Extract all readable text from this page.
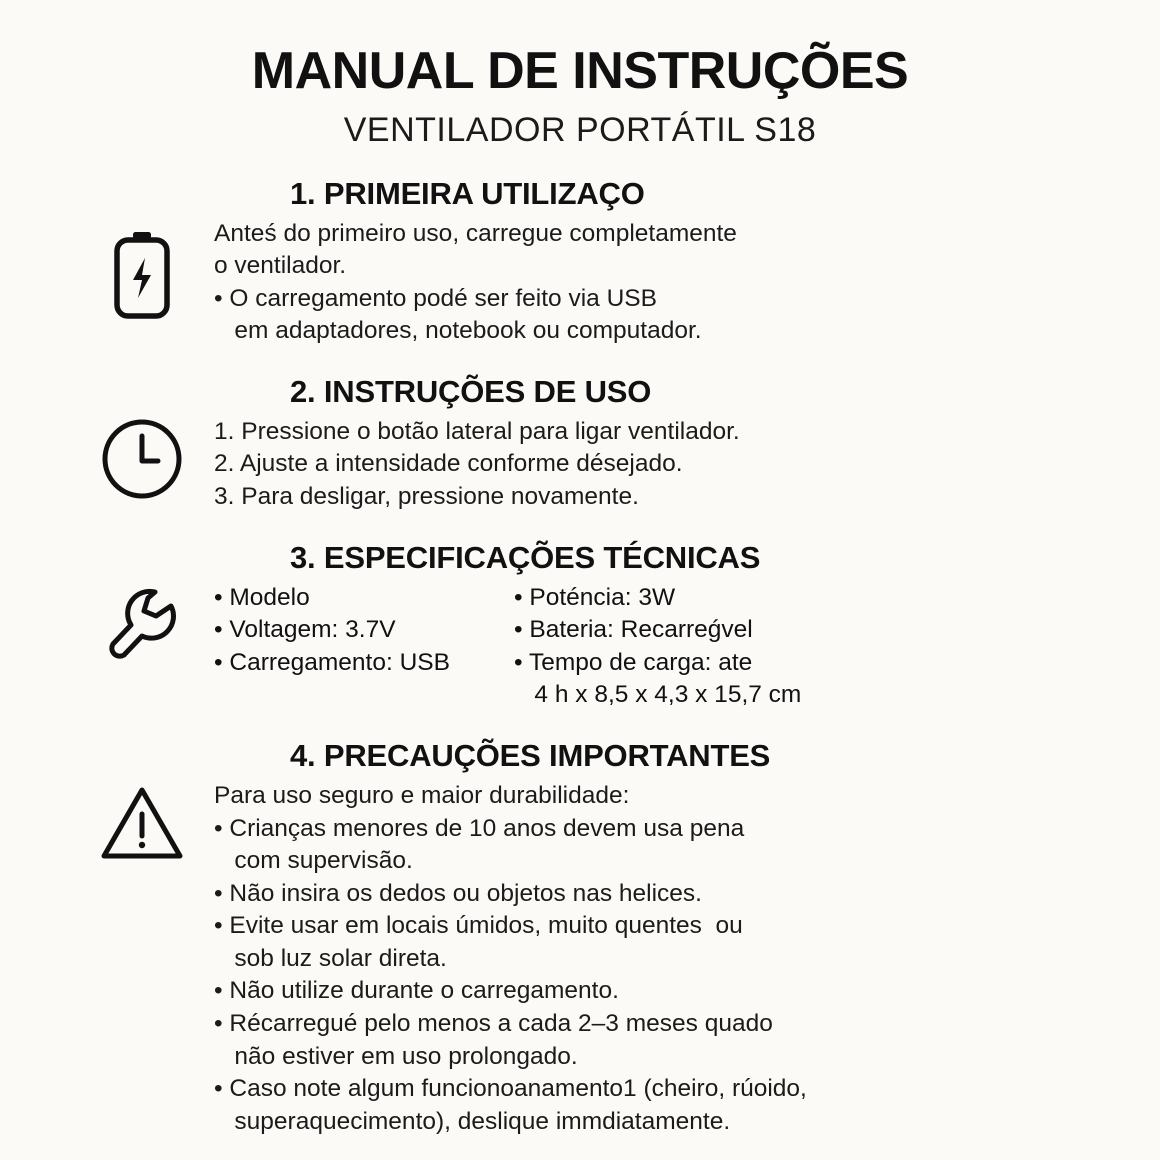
MANUAL DE INSTRUÇÕES
VENTILADOR PORTÁTIL S18
1. PRIMEIRA UTILIZAÇO
Anteś do primeiro uso, carregue completamente
o ventilador.
• O carregamento podé ser feito via USB
em adaptadores, notebook ou computador.
2. INSTRUÇÕES DE USO
1. Pressione o botão lateral para ligar ventilador.
2. Ajuste a intensidade conforme désejado.
3. Para desligar, pressione novamente.
3. ESPECIFICAÇÕES TÉCNICAS
• Modelo
• Voltagem: 3.7V
• Carregamento: USB
• Poténcia: 3W
• Bateria: Recarreǵvel
• Tempo de carga: ate
4 h x 8,5 x 4,3 x 15,7 cm
4. PRECAUÇÕES IMPORTANTES
Para uso seguro e maior durabilidade:
• Crianças menores de 10 anos devem usa pena
com supervisão.
• Não insira os dedos ou objetos nas helices.
• Evite usar em locais úmidos, muito quentes  ou
sob luz solar direta.
• Não utilize durante o carregamento.
• Récarregué pelo menos a cada 2–3 meses quado
não estiver em uso prolongado.
• Caso note algum funcionoanamento1 (cheiro, rúoido,
superaquecimento), deslique immdiatamente.
